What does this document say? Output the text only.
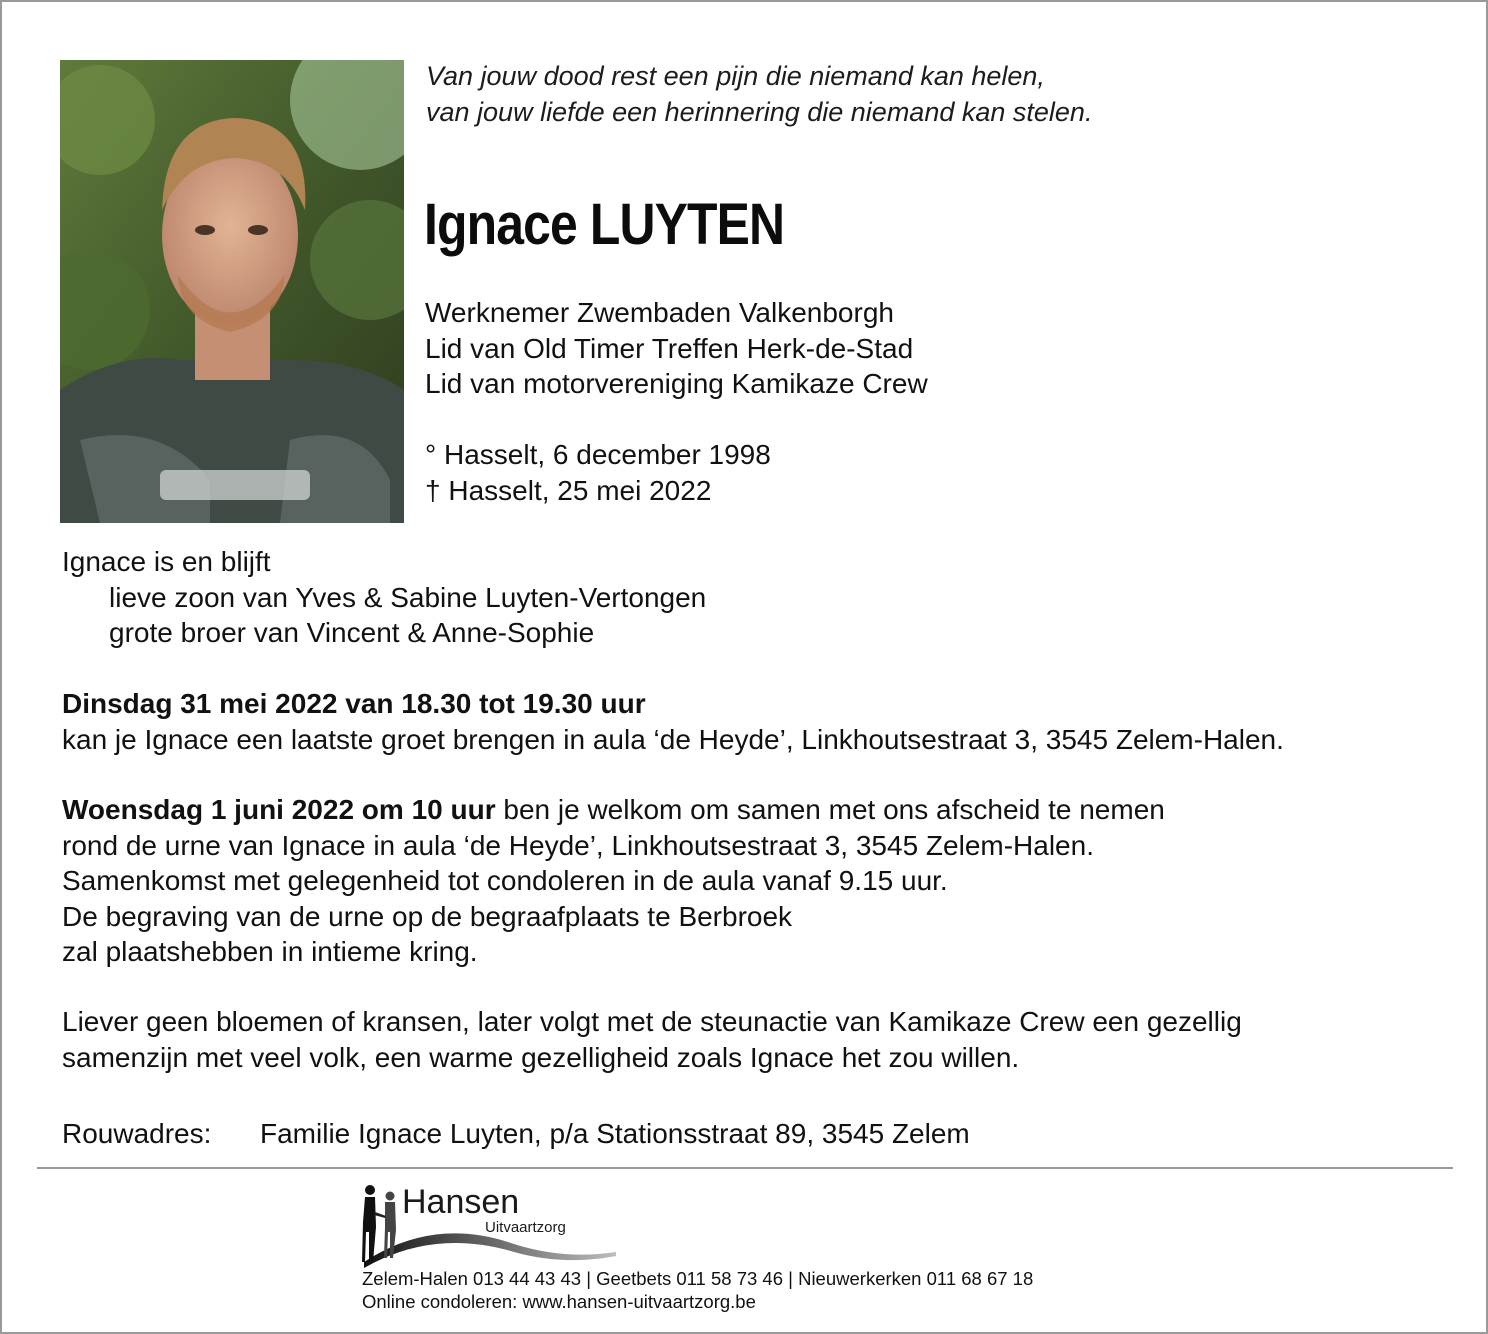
Van jouw dood rest een pijn die niemand kan helen,
van jouw liefde een herinnering die niemand kan stelen.
Ignace LUYTEN
Werknemer Zwembaden Valkenborgh
Lid van Old Timer Treffen Herk-de-Stad
Lid van motorvereniging Kamikaze Crew
° Hasselt, 6 december 1998
† Hasselt, 25 mei 2022
Ignace is en blijft
lieve zoon van Yves & Sabine Luyten-Vertongen
grote broer van Vincent & Anne-Sophie
Dinsdag 31 mei 2022 van 18.30 tot 19.30 uur
kan je Ignace een laatste groet brengen in aula ‘de Heyde’, Linkhoutsestraat 3, 3545 Zelem-Halen.
Woensdag 1 juni 2022 om 10 uur ben je welkom om samen met ons afscheid te nemen
rond de urne van Ignace in aula ‘de Heyde’, Linkhoutsestraat 3, 3545 Zelem-Halen.
Samenkomst met gelegenheid tot condoleren in de aula vanaf 9.15 uur.
De begraving van de urne op de begraafplaats te Berbroek
zal plaatshebben in intieme kring.
Liever geen bloemen of kransen, later volgt met de steunactie van Kamikaze Crew een gezellig
samenzijn met veel volk, een warme gezelligheid zoals Ignace het zou willen.
Rouwadres: Familie Ignace Luyten, p/a Stationsstraat 89, 3545 Zelem
Hansen
Uitvaartzorg
Zelem-Halen 013 44 43 43 | Geetbets 011 58 73 46 | Nieuwerkerken 011 68 67 18
Online condoleren: www.hansen-uitvaartzorg.be
